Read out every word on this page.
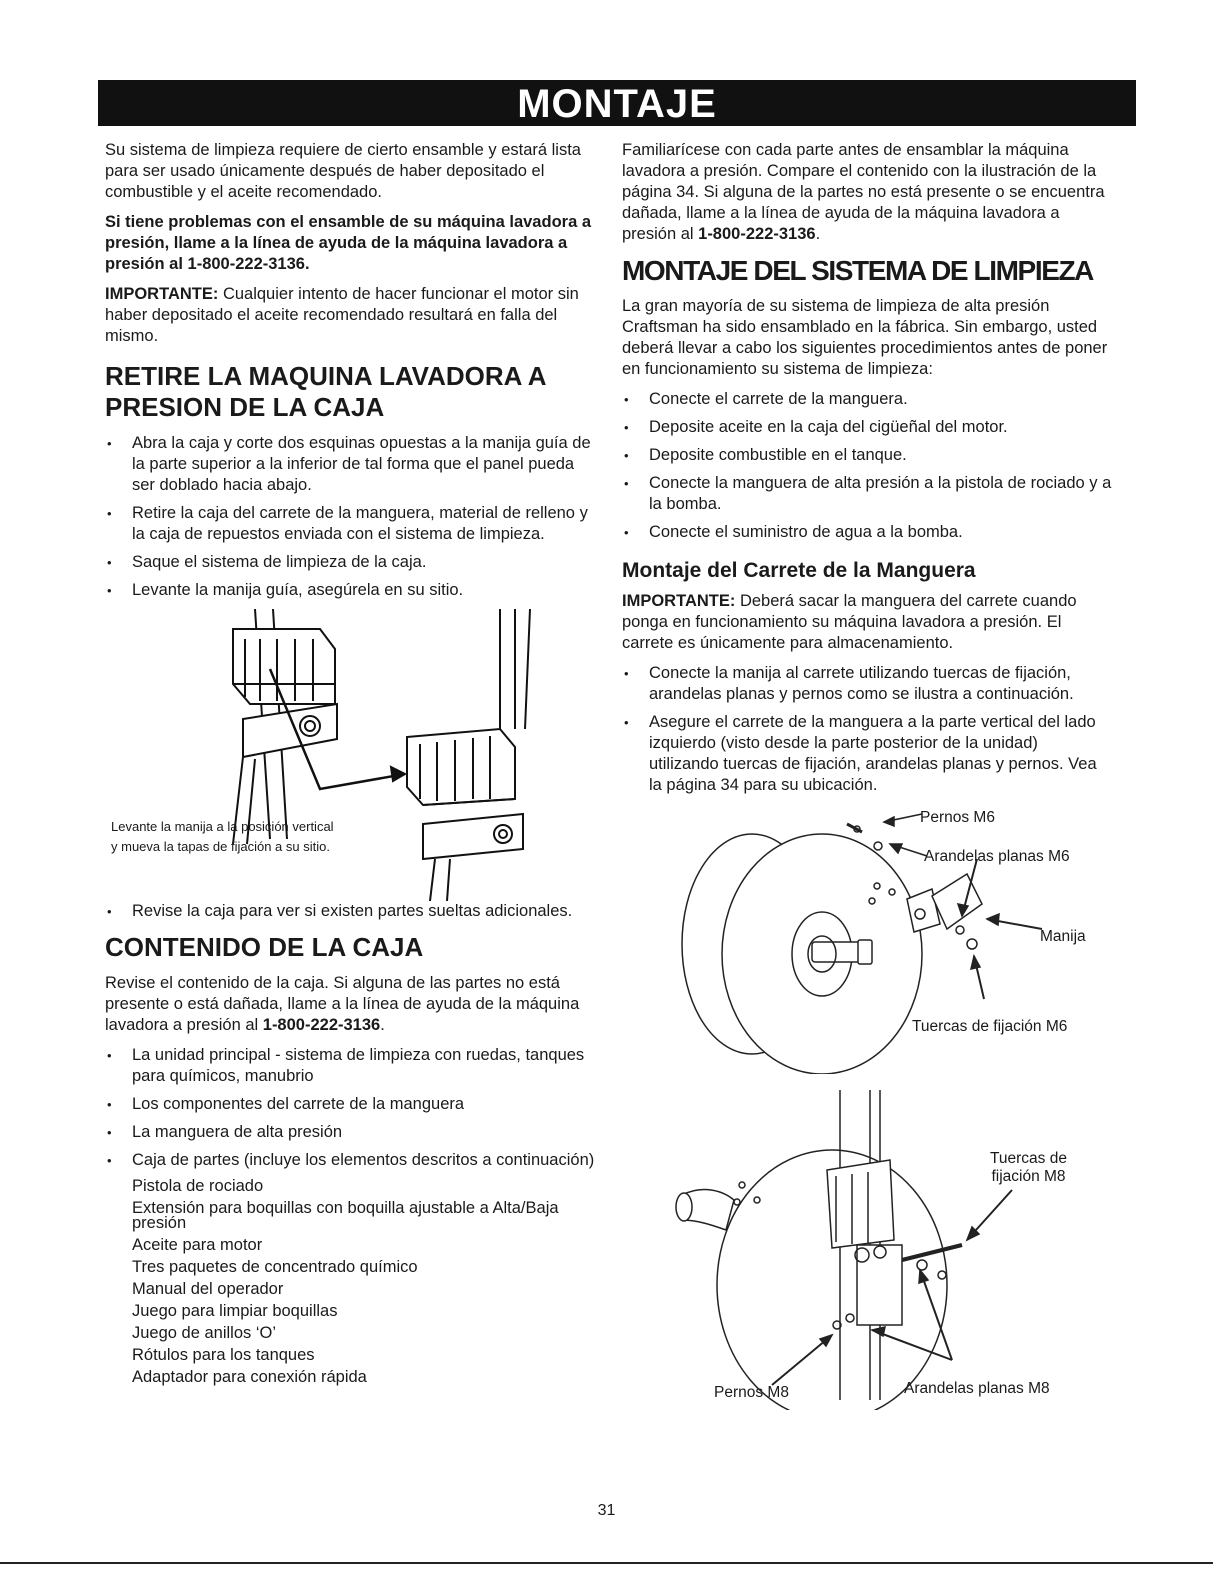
MONTAJE

Su sistema de limpieza requiere de cierto ensamble y estará lista para ser usado únicamente después de haber depositado el combustible y el aceite recomendado.

Si tiene problemas con el ensamble de su máquina lavadora a presión, llame a la línea de ayuda de la máquina lavadora a presión al 1-800-222-3136.

IMPORTANTE: Cualquier intento de hacer funcionar el motor sin haber depositado el aceite recomendado resultará en falla del mismo.

RETIRE LA MAQUINA LAVADORA A PRESION DE LA CAJA
• Abra la caja y corte dos esquinas opuestas a la manija guía de la parte superior a la inferior de tal forma que el panel pueda ser doblado hacia abajo.
• Retire la caja del carrete de la manguera, material de relleno y la caja de repuestos enviada con el sistema de limpieza.
• Saque el sistema de limpieza de la caja.
• Levante la manija guía, asegúrela en su sitio.
Levante la manija a la posición vertical
y mueva la tapas de fijación a su sitio.
• Revise la caja para ver si existen partes sueltas adicionales.
CONTENIDO DE LA CAJA

Revise el contenido de la caja. Si alguna de las partes no está presente o está dañada, llame a la línea de ayuda de la máquina lavadora a presión al 1-800-222-3136.

• La unidad principal - sistema de limpieza con ruedas, tanques para químicos, manubrio
• Los componentes del carrete de la manguera
• La manguera de alta presión
• Caja de partes (incluye los elementos descritos a continuación)
Pistola de rociado
Extensión para boquillas con boquilla ajustable a Alta/Baja presión
Aceite para motor
Tres paquetes de concentrado químico
Manual del operador
Juego para limpiar boquillas
Juego de anillos ‘O’
Rótulos para los tanques
Adaptador para conexión rápida

Familiarícese con cada parte antes de ensamblar la máquina lavadora a presión. Compare el contenido con la ilustración de la página 34. Si alguna de la partes no está presente o se encuentra dañada, llame a la línea de ayuda de la máquina lavadora a presión al 1-800-222-3136.

MONTAJE DEL SISTEMA DE LIMPIEZA

La gran mayoría de su sistema de limpieza de alta presión Craftsman ha sido ensamblado en la fábrica. Sin embargo, usted deberá llevar a cabo los siguientes procedimientos antes de poner en funcionamiento su sistema de limpieza:

• Conecte el carrete de la manguera.
• Deposite aceite en la caja del cigüeñal del motor.
• Deposite combustible en el tanque.
• Conecte la manguera de alta presión a la pistola de rociado y a la bomba.
• Conecte el suministro de agua a la bomba.
Montaje del Carrete de la Manguera

IMPORTANTE: Deberá sacar la manguera del carrete cuando ponga en funcionamiento su máquina lavadora a presión. El carrete es únicamente para almacenamiento.

• Conecte la manija al carrete utilizando tuercas de fijación, arandelas planas y pernos como se ilustra a continuación.
• Asegure el carrete de la manguera a la parte vertical del lado izquierdo (visto desde la parte posterior de la unidad) utilizando tuercas de fijación, arandelas planas y pernos. Vea la página 34 para su ubicación.
Pernos M6
Arandelas planas M6
Manija
Tuercas de fijación M6
Tuercas de
fijación M8
Pernos M8	Arandelas planas M8
31
